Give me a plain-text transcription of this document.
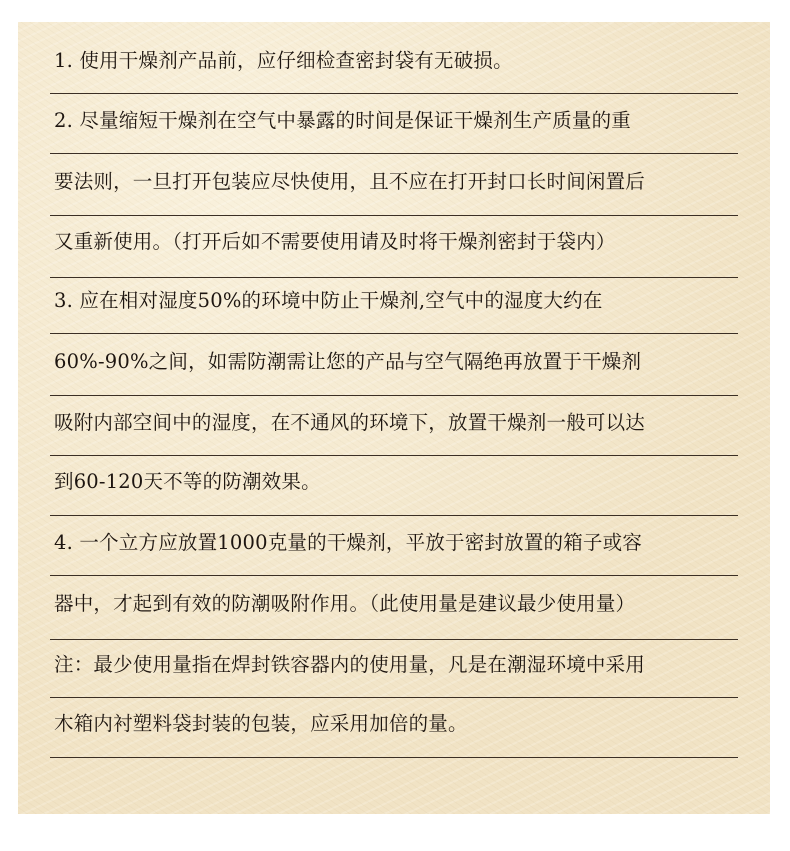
1. 使用干燥剂产品前，应仔细检查密封袋有无破损。
2. 尽量缩短干燥剂在空气中暴露的时间是保证干燥剂生产质量的重
要法则，一旦打开包装应尽快使用，且不应在打开封口长时间闲置后
又重新使用。（打开后如不需要使用请及时将干燥剂密封于袋内）
3. 应在相对湿度50%的环境中防止干燥剂,空气中的湿度大约在
60%-90%之间，如需防潮需让您的产品与空气隔绝再放置于干燥剂
吸附内部空间中的湿度，在不通风的环境下，放置干燥剂一般可以达
到60-120天不等的防潮效果。
4. 一个立方应放置1000克量的干燥剂，平放于密封放置的箱子或容
器中，才起到有效的防潮吸附作用。（此使用量是建议最少使用量）
注：最少使用量指在焊封铁容器内的使用量，凡是在潮湿环境中采用
木箱内衬塑料袋封装的包装，应采用加倍的量。
